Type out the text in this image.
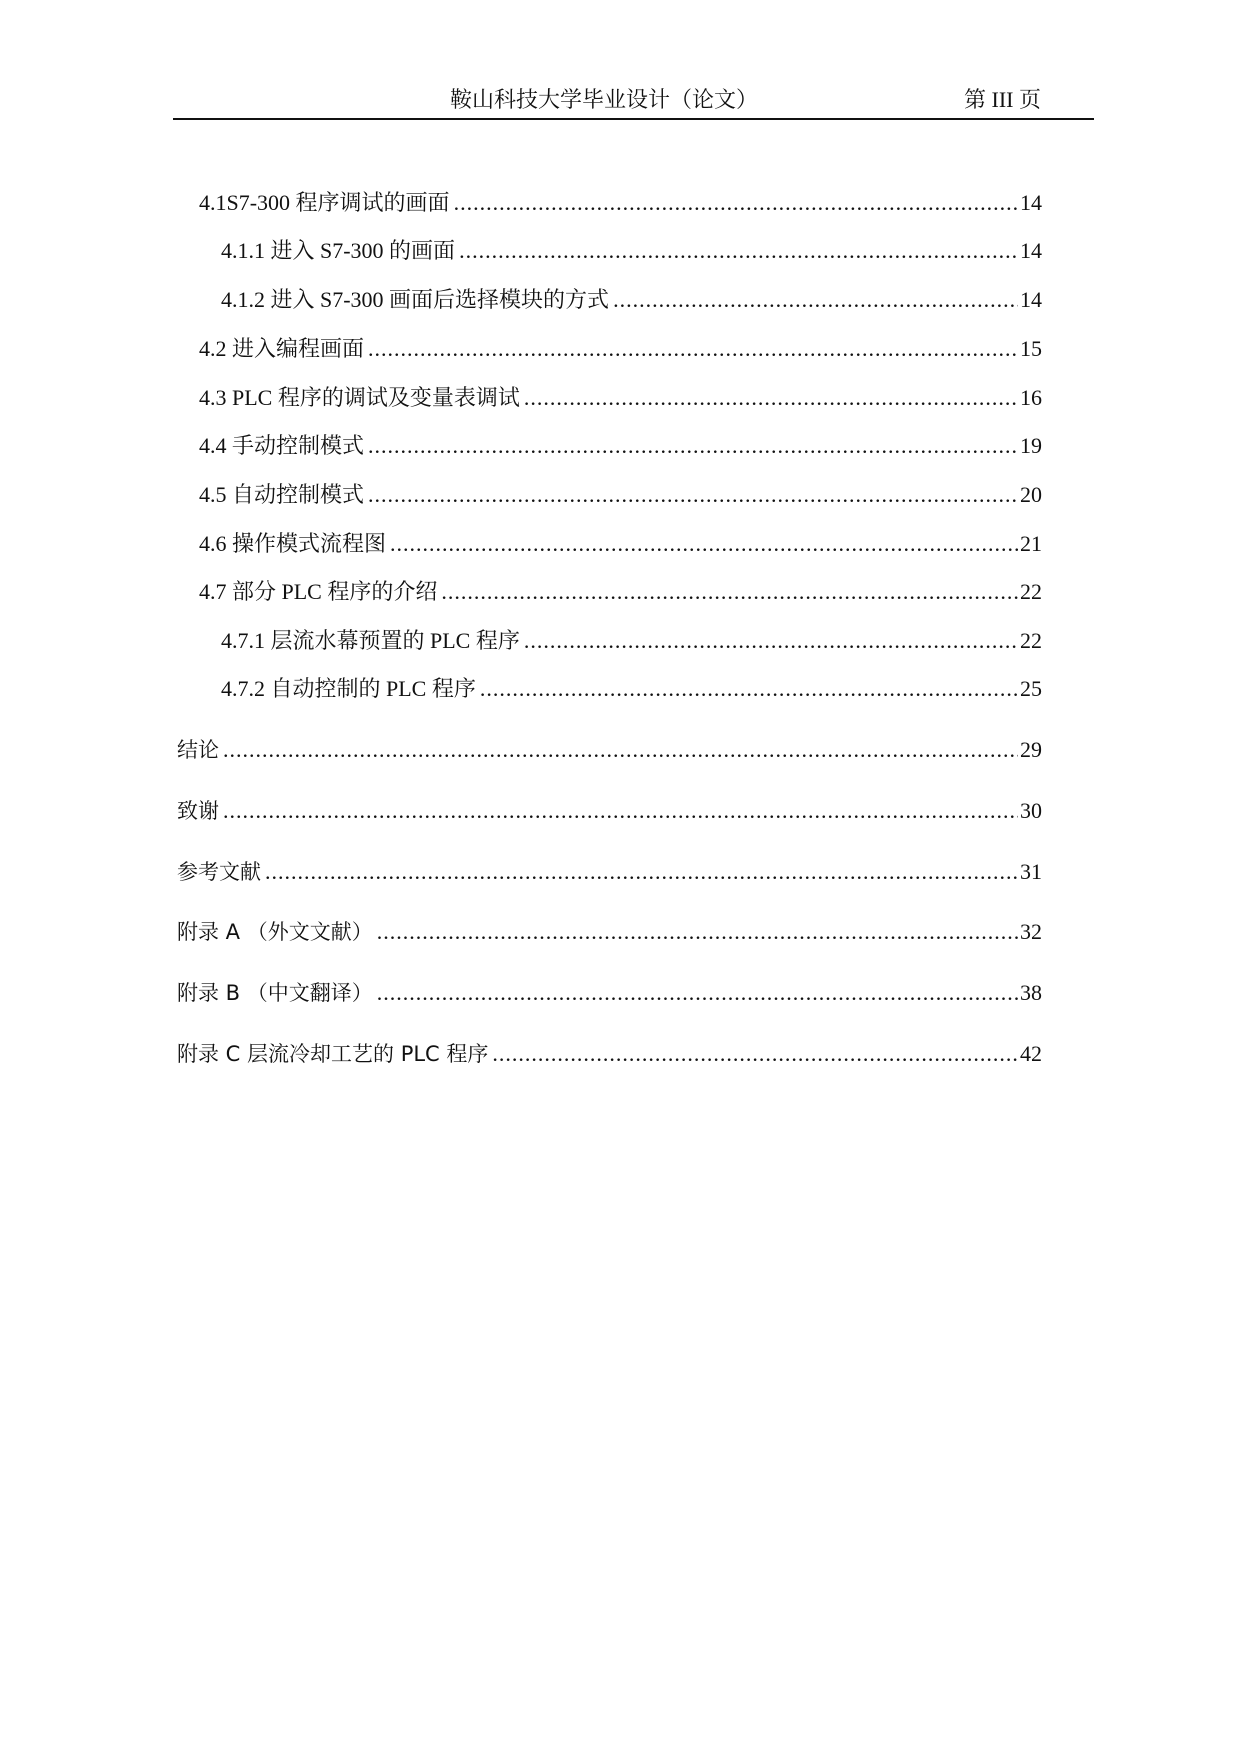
鞍山科技大学毕业设计（论文）	第 III 页
4.1S7-300 程序调试的画面 .....	14
4.1.1 进入 S7-300 的画面 .....	14
4.1.2 进入 S7-300 画面后选择模块的方式 .....	14
4.2 进入编程画面 .....	15
4.3 PLC 程序的调试及变量表调试 .....	16
4.4 手动控制模式 .....	19
4.5 自动控制模式 .....	20
4.6 操作模式流程图 .....	21
4.7 部分 PLC 程序的介绍 .....	22
4.7.1 层流水幕预置的 PLC 程序 .....	22
4.7.2 自动控制的 PLC 程序 .....	25
结论 .....	29
致谢 .....	30
参考文献 .....	31
附录 A （外文文献） .....	32
附录 B （中文翻译） .....	38
附录 C 层流冷却工艺的 PLC 程序 .....	42
